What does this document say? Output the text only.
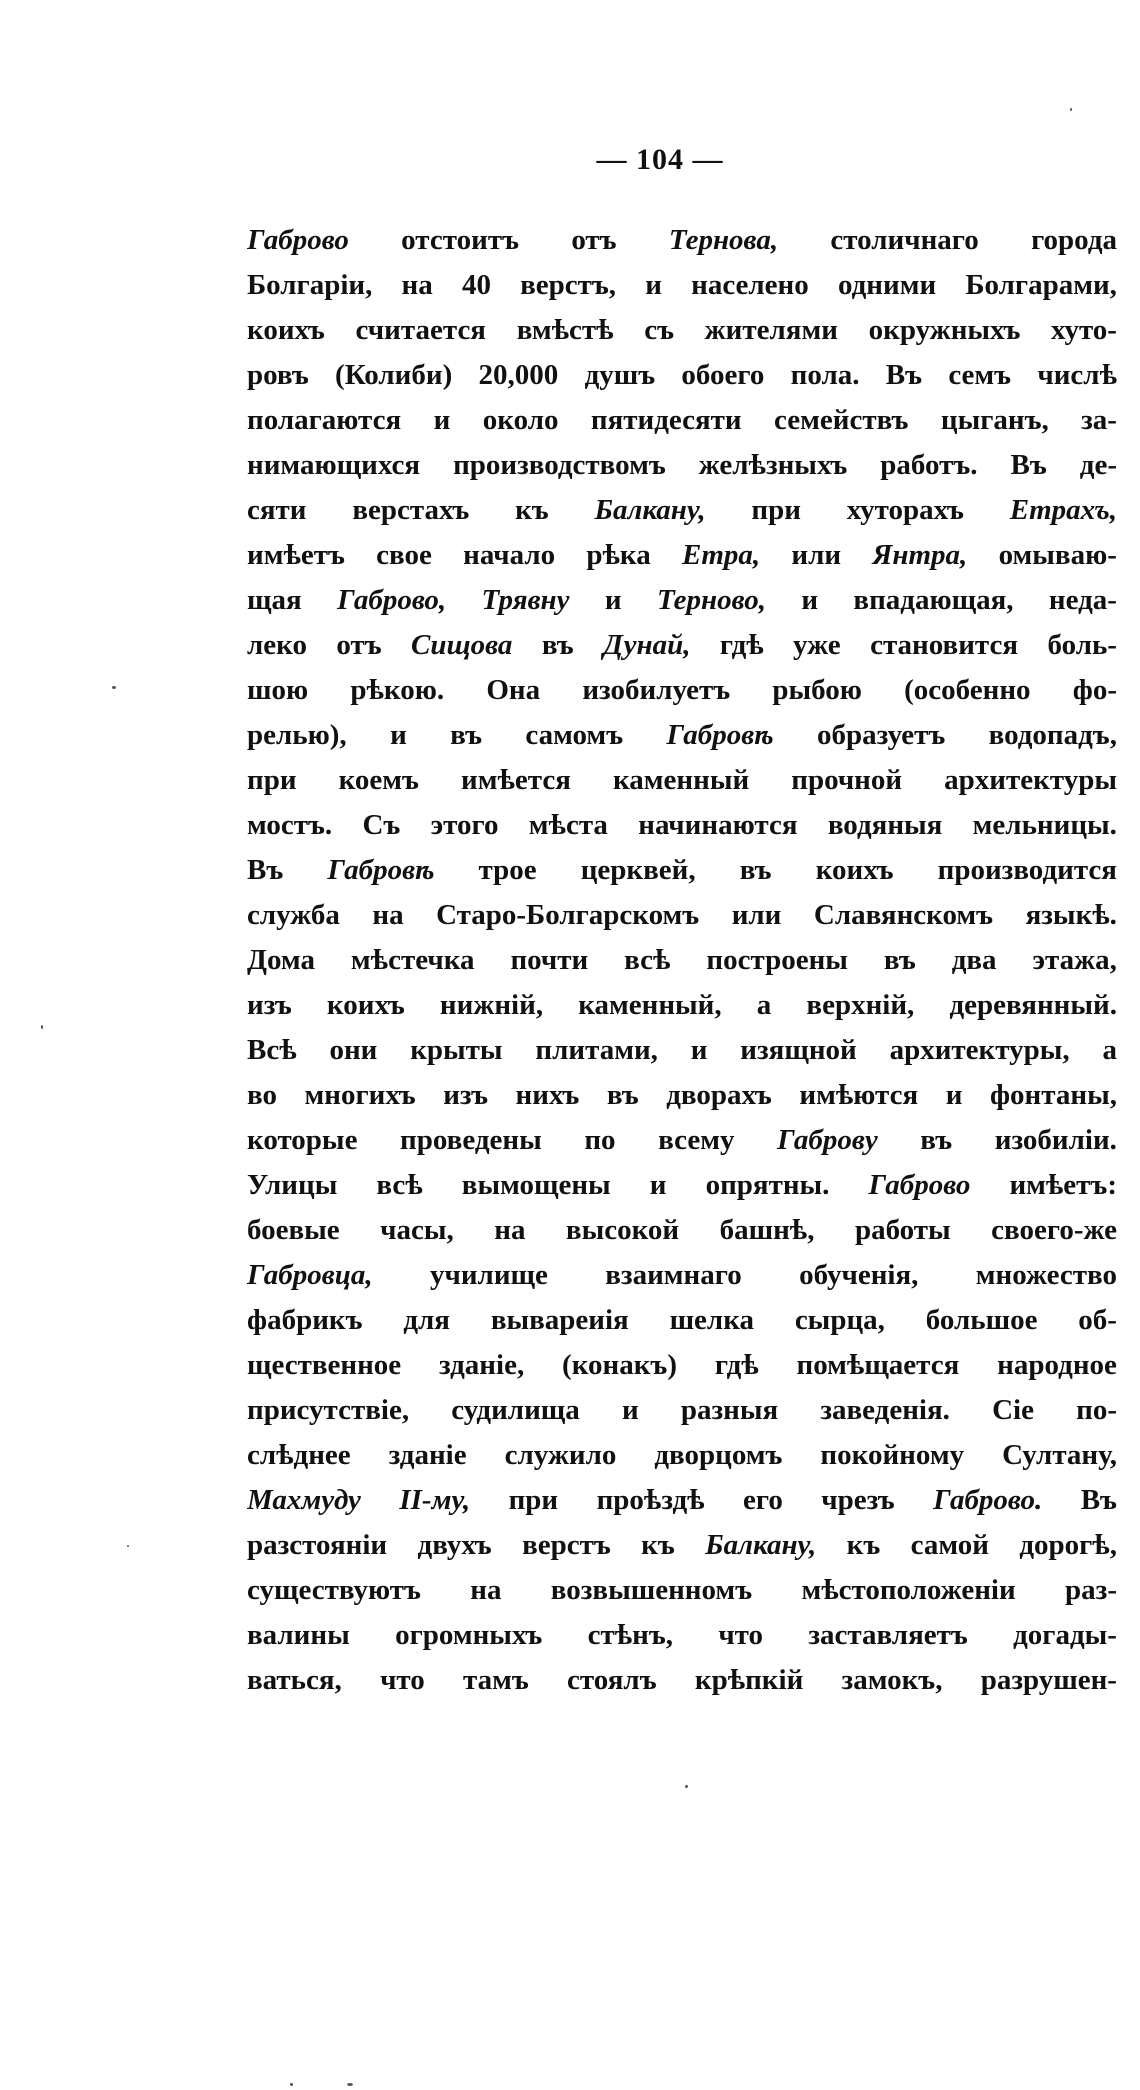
— 104 —
Габрово отстоитъ отъ Тернова, столичнаго города
Болгаріи, на 40 верстъ, и населено одними Болгарами,
коихъ считается вмѣстѣ съ жителями окружныхъ хуто-
ровъ (Колиби) 20,000 душъ обоего пола. Въ семъ числѣ
полагаются и около пятидесяти семействъ цыганъ, за-
нимающихся производствомъ желѣзныхъ работъ. Въ де-
сяти верстахъ къ Балкану, при хуторахъ Етрахъ,
имѣетъ свое начало рѣка Етра, или Янтра, омываю-
щая Габрово, Трявну и Терново, и впадающая, неда-
леко отъ Сищова въ Дунай, гдѣ уже становится боль-
шою рѣкою. Она изобилуетъ рыбою (особенно фо-
релью), и въ самомъ Габровѣ образуетъ водопадъ,
при коемъ имѣется каменный прочной архитектуры
мостъ. Съ этого мѣста начинаются водяныя мельницы.
Въ Габровѣ трое церквей, въ коихъ производится
служба на Старо-Болгарскомъ или Славянскомъ языкѣ.
Дома мѣстечка почти всѣ построены въ два этажа,
изъ коихъ нижній, каменный, а верхній, деревянный.
Всѣ они крыты плитами, и изящной архитектуры, а
во многихъ изъ нихъ въ дворахъ имѣются и фонтаны,
которые проведены по всему Габрову въ изобиліи.
Улицы всѣ вымощены и опрятны. Габрово имѣетъ:
боевые часы, на высокой башнѣ, работы своего-же
Габровца, училище взаимнаго обученія, множество
фабрикъ для вывареиія шелка сырца, большое об-
щественное зданіе, (конакъ) гдѣ помѣщается народное
присутствіе, судилища и разныя заведенія. Сіе по-
слѣднее зданіе служило дворцомъ покойному Султану,
Махмуду II-му, при проѣздѣ его чрезъ Габрово. Въ
разстояніи двухъ верстъ къ Балкану, къ самой дорогѣ,
существуютъ на возвышенномъ мѣстоположеніи раз-
валины огромныхъ стѣнъ, что заставляетъ догады-
ваться, что тамъ стоялъ крѣпкій замокъ, разрушен-
